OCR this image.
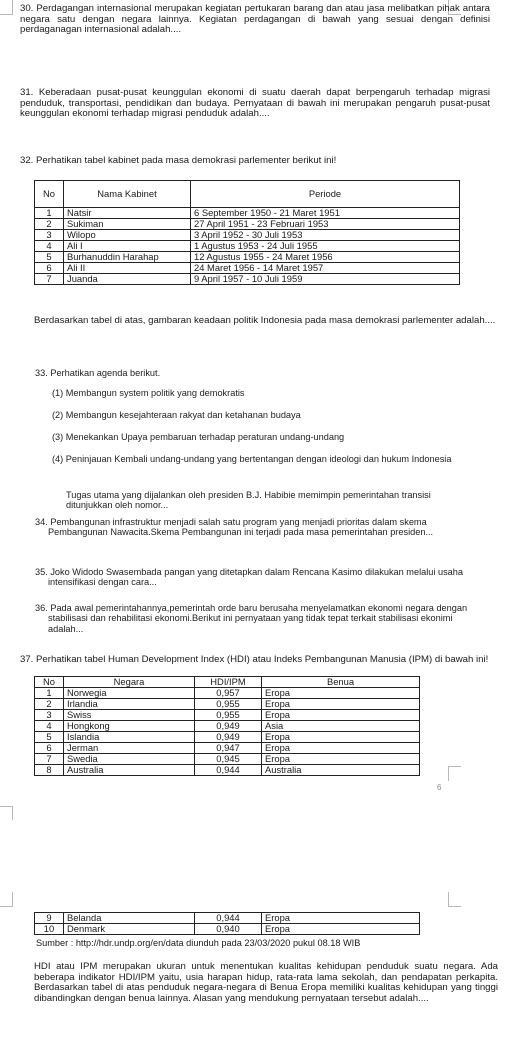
30. Perdagangan internasional merupakan kegiatan pertukaran barang dan atau jasa melibatkan pihak antara negara satu dengan negara lainnya. Kegiatan perdagangan di bawah yang sesuai dengan definisi perdaganagan internasional adalah....
31. Keberadaan pusat-pusat keunggulan ekonomi di suatu daerah dapat berpengaruh terhadap migrasi penduduk, transportasi, pendidikan dan budaya. Pernyataan di bawah ini merupakan pengaruh pusat-pusat keunggulan ekonomi terhadap migrasi penduduk adalah....
32. Perhatikan tabel kabinet pada masa demokrasi parlementer berikut ini!
No	Nama Kabinet	Periode
1	Natsir	6 September 1950 - 21 Maret 1951
2	Sukiman	27 April 1951 - 23 Februari 1953
3	Wilopo	3 April 1952 - 30 Juli 1953
4	Ali I	1 Agustus 1953 - 24 Juli 1955
5	Burhanuddin Harahap	12 Agustus 1955 - 24 Maret 1956
6	Ali II	24 Maret 1956 - 14 Maret 1957
7	Juanda	9 April 1957 - 10 Juli 1959
Berdasarkan tabel di atas, gambaran keadaan politik Indonesia pada masa demokrasi parlementer adalah....
33. Perhatikan agenda berikut.
(1) Membangun system politik yang demokratis
(2) Membangun kesejahteraan rakyat dan ketahanan budaya
(3) Menekankan Upaya pembaruan terhadap peraturan undang-undang
(4) Peninjauan Kembali undang-undang yang bertentangan dengan ideologi dan hukum Indonesia
Tugas utama yang dijalankan oleh presiden B.J. Habibie memimpin pemerintahan transisi ditunjukkan oleh nomor...
34. Pembangunan infrastruktur menjadi salah satu program yang menjadi prioritas dalam skema Pembangunan Nawacita.Skema Pembangunan ini terjadi pada masa pemerintahan presiden...
35. Joko Widodo Swasembada pangan yang ditetapkan dalam Rencana Kasimo dilakukan melalui usaha intensifikasi dengan cara...
36. Pada awal pemerintahannya,pemerintah orde baru berusaha menyelamatkan ekonomi negara dengan stabilisasi dan rehabilitasi ekonomi.Berikut ini pernyataan yang tidak tepat terkait stabilisasi ekonimi adalah...
37. Perhatikan tabel Human Development Index (HDI) atau Indeks Pembangunan Manusia (IPM) di bawah ini!
No	Negara	HDI/IPM	Benua
1	Norwegia	0,957	Eropa
2	Irlandia	0,955	Eropa
3	Swiss	0,955	Eropa
4	Hongkong	0,949	Asia
5	Islandia	0,949	Eropa
6	Jerman	0,947	Eropa
7	Swedia	0,945	Eropa
8	Australia	0,944	Australia
6
9	Belanda	0,944	Eropa
10	Denmark	0,940	Eropa
Sumber : http://hdr.undp.org/en/data diunduh pada 23/03/2020 pukul 08.18 WIB
HDI atau IPM merupakan ukuran untuk menentukan kualitas kehidupan penduduk suatu negara. Ada beberapa indikator HDI/IPM yaitu, usia harapan hidup, rata-rata lama sekolah, dan pendapatan perkapita. Berdasarkan tabel di atas penduduk negara-negara di Benua Eropa memiliki kualitas kehidupan yang tinggi dibandingkan dengan benua lainnya. Alasan yang mendukung pernyataan tersebut adalah....
